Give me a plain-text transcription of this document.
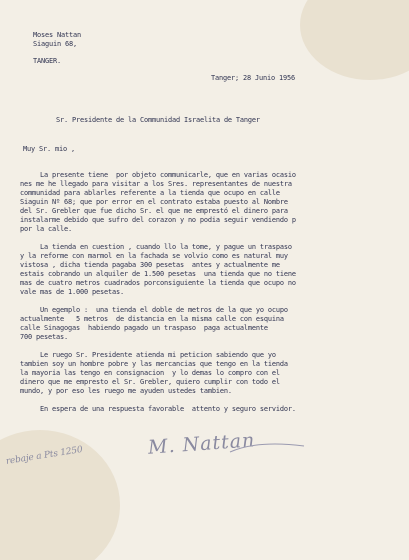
Moses Nattan
Siaguin 68,
TANGER.
Tanger; 28 Junio 1956
Sr. Presidente de la Communidad Israelita de Tanger
Muy Sr. mio ,
La presente tiene  por objeto communicarle, que en varias ocasio
nes me he llegado para visitar a los Sres. representantes de nuestra
communidad para ablarles referente a la tienda que ocupo en calle
Siaguin Nº 68; que por error en el contrato estaba puesto al Nombre
del Sr. Grebler que fue dicho Sr. el que me emprestó el dinero para
instalarme debido que sufro del corazon y no podia seguir vendiendo p
por la calle.
La tienda en cuestion , cuando llo la tome, y pague un traspaso
y la reforme con marmol en la fachada se volvio como es natural muy
vistosa , dicha tienda pagaba 300 pesetas  antes y actualmente me
estais cobrando un alquiler de 1.500 pesetas  una tienda que no tiene
mas de cuatro metros cuadrados porconsiguiente la tienda que ocupo no
vale mas de 1.000 pesetas.
Un egemplo :  una tienda el doble de metros de la que yo ocupo
actualmente   5 metros  de distancia en la misma calle con esquina
calle Sinagogas  habiendo pagado un traspaso  paga actualmente
700 pesetas.
Le ruego Sr. Presidente atienda mi peticion sabiendo que yo
tambien soy un hombre pobre y las mercancias que tengo en la tienda
la mayoria las tengo en consignacion  y lo demas lo compro con el
dinero que me empresto el Sr. Grebler, quiero cumplir con todo el
mundo, y por eso les ruego me ayuden ustedes tambien.
En espera de una respuesta favorable  attento y seguro servidor.
M. Nattan
rebaje a Pts 1250
